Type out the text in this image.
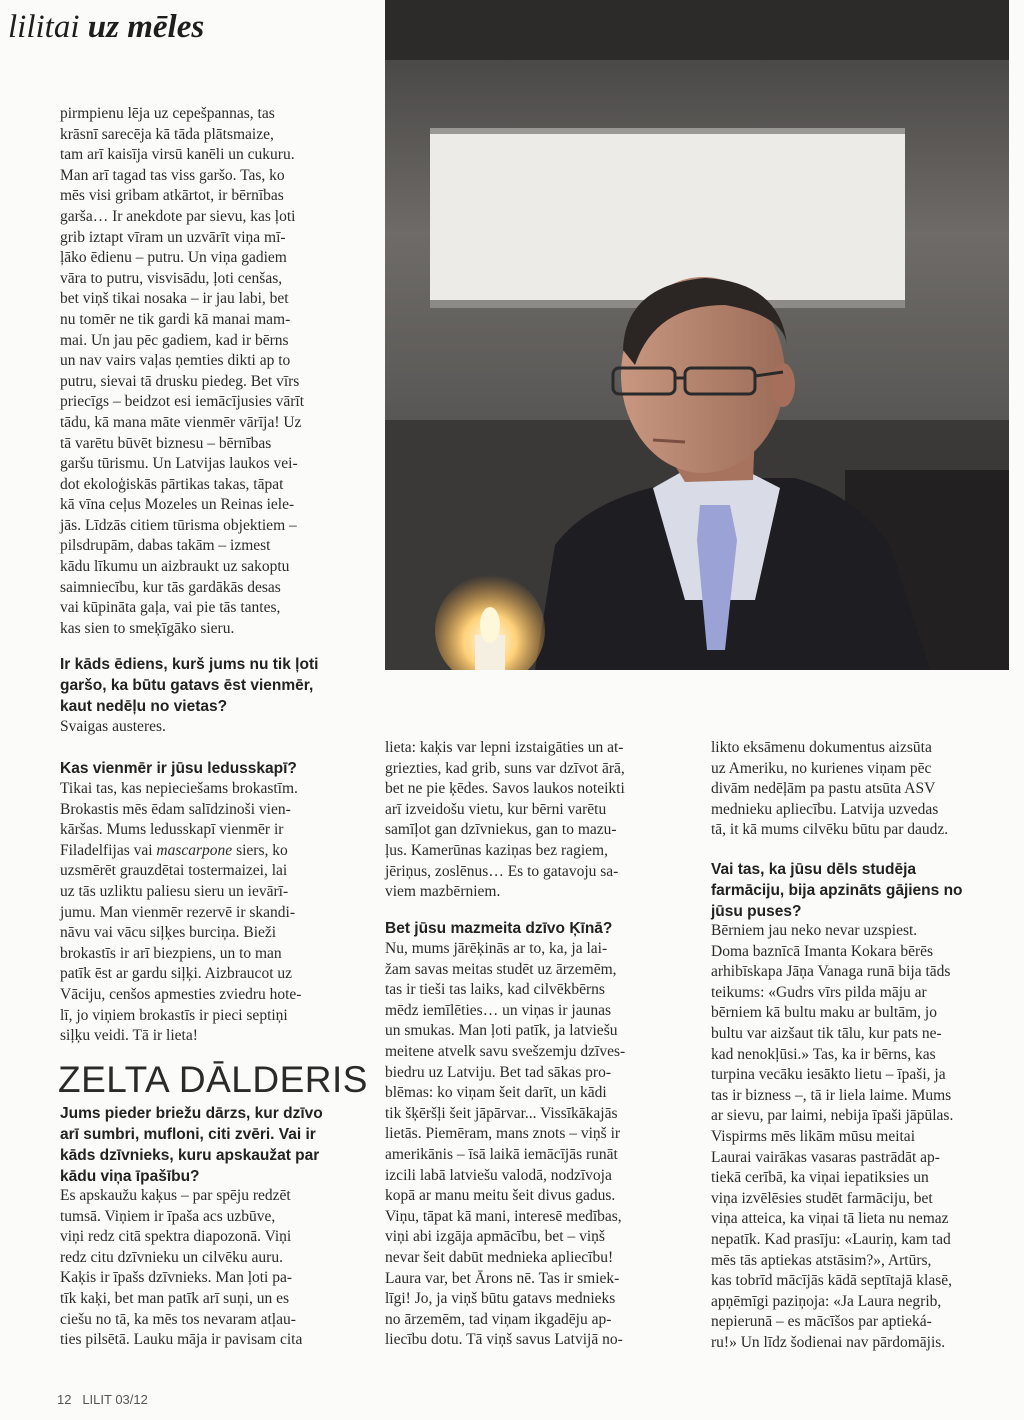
lilitai uz mēles

pirmpienu lēja uz cepešpannas, tas

krāsnī sarecēja kā tāda plātsmaize,

tam arī kaisīja virsū kanēli un cukuru.

Man arī tagad tas viss garšo. Tas, ko

mēs visi gribam atkārtot, ir bērnības

garša… Ir anekdote par sievu, kas ļoti

grib iztapt vīram un uzvārīt viņa mī-

ļāko ēdienu – putru. Un viņa gadiem

vāra to putru, visvisādu, ļoti cenšas,

bet viņš tikai nosaka – ir jau labi, bet

nu tomēr ne tik gardi kā manai mam-

mai. Un jau pēc gadiem, kad ir bērns

un nav vairs vaļas ņemties dikti ap to

putru, sievai tā drusku piedeg. Bet vīrs

priecīgs – beidzot esi iemācījusies vārīt

tādu, kā mana māte vienmēr vārīja! Uz

tā varētu būvēt biznesu – bērnības

garšu tūrismu. Un Latvijas laukos vei-

dot ekoloģiskās pārtikas takas, tāpat

kā vīna ceļus Mozeles un Reinas iele-

jās. Līdzās citiem tūrisma objektiem –

pilsdrupām, dabas takām – izmest

kādu līkumu un aizbraukt uz sakoptu

saimniecību, kur tās gardākās desas

vai kūpināta gaļa, vai pie tās tantes,

kas sien to smeķīgāko sieru.

Ir kāds ēdiens, kurš jums nu tik ļoti

garšo, ka būtu gatavs ēst vienmēr,

kaut nedēļu no vietas?

Svaigas austeres.

Kas vienmēr ir jūsu ledusskapī?

Tikai tas, kas nepieciešams brokastīm.

Brokastis mēs ēdam salīdzinoši vien-

kāršas. Mums ledusskapī vienmēr ir

Filadelfijas vai mascarpone siers, ko

uzsmērēt grauzdētai tostermaizei, lai

uz tās uzliktu paliesu sieru un ievārī-

jumu. Man vienmēr rezervē ir skandi-

nāvu vai vācu siļķes burciņa. Bieži

brokastīs ir arī biezpiens, un to man

patīk ēst ar gardu siļķi. Aizbraucot uz

Vāciju, cenšos apmesties zviedru hote-

lī, jo viņiem brokastīs ir pieci septiņi

siļķu veidi. Tā ir lieta!

ZELTA DĀLDERIS

Jums pieder briežu dārzs, kur dzīvo

arī sumbri, mufloni, citi zvēri. Vai ir

kāds dzīvnieks, kuru apskaužat par

kādu viņa īpašību?

Es apskaužu kaķus – par spēju redzēt

tumsā. Viņiem ir īpaša acs uzbūve,

viņi redz citā spektra diapozonā. Viņi

redz citu dzīvnieku un cilvēku auru.

Kaķis ir īpašs dzīvnieks. Man ļoti pa-

tīk kaķi, bet man patīk arī suņi, un es

ciešu no tā, ka mēs tos nevaram atļau-

ties pilsētā. Lauku māja ir pavisam cita

lieta: kaķis var lepni izstaigāties un at-

griezties, kad grib, suns var dzīvot ārā,

bet ne pie ķēdes. Savos laukos noteikti

arī izveidošu vietu, kur bērni varētu

samīļot gan dzīvniekus, gan to mazu-

ļus. Kamerūnas kaziņas bez ragiem,

jēriņus, zoslēnus… Es to gatavoju sa-

viem mazbērniem.

Bet jūsu mazmeita dzīvo Ķīnā?

Nu, mums jārēķinās ar to, ka, ja lai-

žam savas meitas studēt uz ārzemēm,

tas ir tieši tas laiks, kad cilvēkbērns

mēdz iemīlēties… un viņas ir jaunas

un smukas. Man ļoti patīk, ja latviešu

meitene atvelk savu svešzemju dzīves-

biedru uz Latviju. Bet tad sākas pro-

blēmas: ko viņam šeit darīt, un kādi

tik šķēršļi šeit jāpārvar... Vissīkākajās

lietās. Piemēram, mans znots – viņš ir

amerikānis – īsā laikā iemācījās runāt

izcili labā latviešu valodā, nodzīvoja

kopā ar manu meitu šeit divus gadus.

Viņu, tāpat kā mani, interesē medības,

viņi abi izgāja apmācību, bet – viņš

nevar šeit dabūt mednieka apliecību!

Laura var, bet Ārons nē. Tas ir smiek-

līgi! Jo, ja viņš būtu gatavs mednieks

no ārzemēm, tad viņam ikgadēju ap-

liecību dotu. Tā viņš savus Latvijā no-

likto eksāmenu dokumentus aizsūta

uz Ameriku, no kurienes viņam pēc

divām nedēļām pa pastu atsūta ASV

mednieku apliecību. Latvija uzvedas

tā, it kā mums cilvēku būtu par daudz.

Vai tas, ka jūsu dēls studēja

farmāciju, bija apzināts gājiens no

jūsu puses?

Bērniem jau neko nevar uzspiest.

Doma baznīcā Imanta Kokara bērēs

arhibīskapa Jāņa Vanaga runā bija tāds

teikums: «Gudrs vīrs pilda māju ar

bērniem kā bultu maku ar bultām, jo

bultu var aizšaut tik tālu, kur pats ne-

kad nenokļūsi.» Tas, ka ir bērns, kas

turpina vecāku iesākto lietu – īpaši, ja

tas ir bizness –, tā ir liela laime. Mums

ar sievu, par laimi, nebija īpaši jāpūlas.

Vispirms mēs likām mūsu meitai

Laurai vairākas vasaras pastrādāt ap-

tiekā cerībā, ka viņai iepatiksies un

viņa izvēlēsies studēt farmāciju, bet

viņa atteica, ka viņai tā lieta nu nemaz

nepatīk. Kad prasīju: «Lauriņ, kam tad

mēs tās aptiekas atstāsim?», Artūrs,

kas tobrīd mācījās kādā septītajā klasē,

apņēmīgi paziņoja: «Ja Laura negrib,

nepierunā – es mācīšos par aptieká-

ru!» Un līdz šodienai nav pārdomājis.

12 LILIT 03/12
